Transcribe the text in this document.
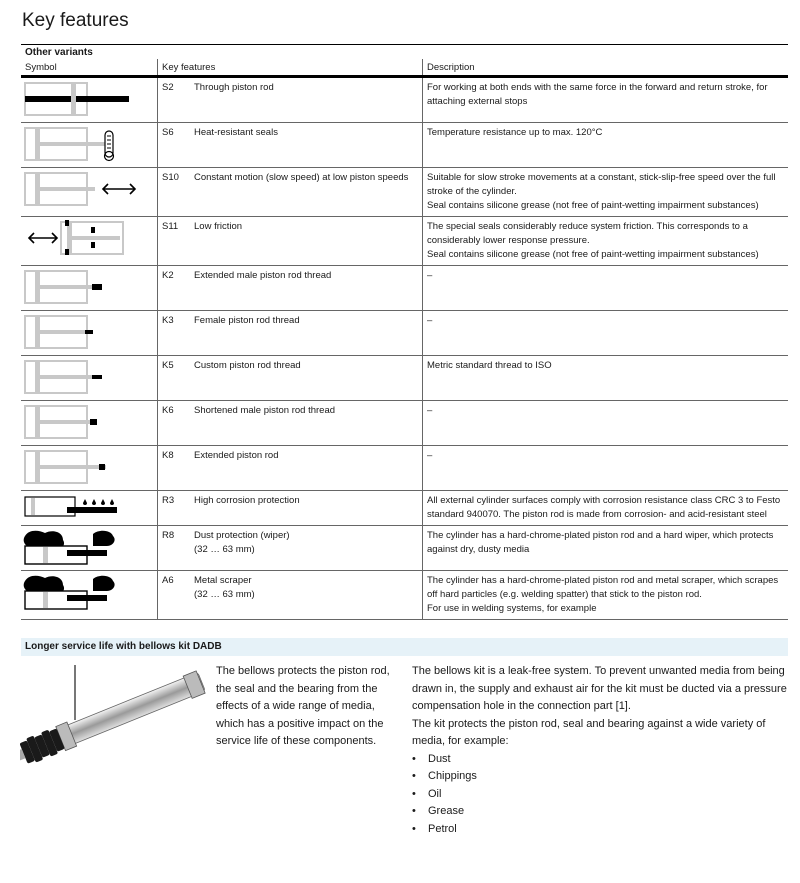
Key features
Other variants
Symbol	Key features	Description

S2 Through piston rod	For working at both ends with the same force in the forward and return stroke, for attaching external stops

S6 Heat-resistant seals	Temperature resistance up to max. 120°C

S10 Constant motion (slow speed) at low piston speeds	Suitable for slow stroke movements at a constant, stick-slip-free speed over the full stroke of the cylinder.
Seal contains silicone grease (not free of paint-wetting impairment substances)

S11 Low friction	The special seals considerably reduce system friction. This corresponds to a considerably lower response pressure.
Seal contains silicone grease (not free of paint-wetting impairment substances)

K2 Extended male piston rod thread	–

K3 Female piston rod thread	–

K5 Custom piston rod thread	Metric standard thread to ISO

K6 Shortened male piston rod thread	–

K8 Extended piston rod	–

R3 High corrosion protection	All external cylinder surfaces comply with corrosion resistance class CRC 3 to Festo standard 940070. The piston rod is made from corrosion- and acid-resistant steel

R8 Dust protection (wiper)
(32 … 63 mm)	The cylinder has a hard-chrome-plated piston rod and a hard wiper, which protects against dry, dusty media

A6 Metal scraper
(32 … 63 mm)	The cylinder has a hard-chrome-plated piston rod and metal scraper, which scrapes off hard particles (e.g. welding spatter) that stick to the piston rod.
For use in welding systems, for example
Longer service life with bellows kit DADB

The bellows protects the piston rod, the seal and the bearing from the effects of a wide range of media, which has a positive impact on the service life of these components.

The bellows kit is a leak-free system. To prevent unwanted media from being drawn in, the supply and exhaust air for the kit must be ducted via a pressure compensation hole in the connection part [1].

The kit protects the piston rod, seal and bearing against a wide variety of media, for example:

• Dust
• Chippings
• Oil
• Grease
• Petrol
